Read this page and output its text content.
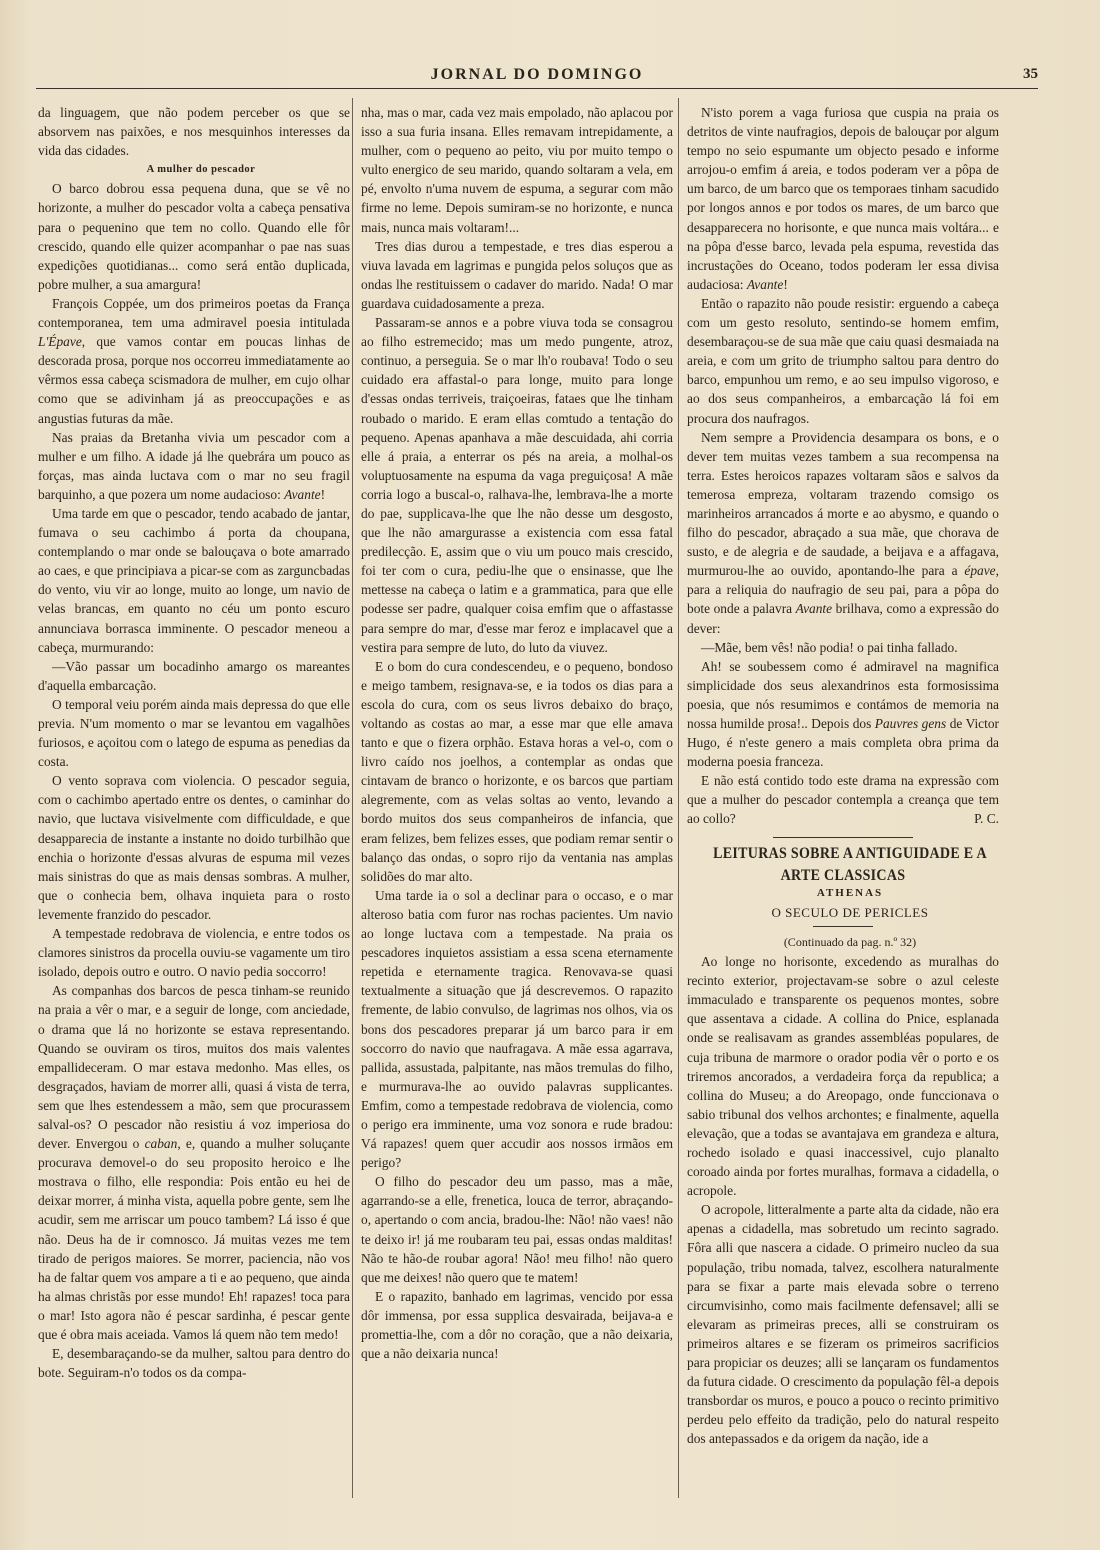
JORNAL DO DOMINGO	35

da linguagem, que não podem perceber os que se absorvem nas paixões, e nos mesquinhos interesses da vida das cidades.

A mulher do pescador

O barco dobrou essa pequena duna, que se vê no horizonte, a mulher do pescador volta a cabeça pensativa para o pequenino que tem no collo. Quando elle fôr crescido, quando elle quizer acompanhar o pae nas suas expedições quotidianas... como será então duplicada, pobre mulher, a sua amargura!

François Coppée, um dos primeiros poetas da França contemporanea, tem uma admiravel poesia intitulada L'Épave, que vamos contar em poucas linhas de descorada prosa, porque nos occorreu immediatamente ao vêrmos essa cabeça scismadora de mulher, em cujo olhar como que se adivinham já as preoccupações e as angustias futuras da mãe.

Nas praias da Bretanha vivia um pescador com a mulher e um filho. A idade já lhe quebrára um pouco as forças, mas ainda luctava com o mar no seu fragil barquinho, a que pozera um nome audacioso: Avante!

Uma tarde em que o pescador, tendo acabado de jantar, fumava o seu cachimbo á porta da choupana, contemplando o mar onde se balouçava o bote amarrado ao caes, e que principiava a picar-se com as zarguncbadas do vento, viu vir ao longe, muito ao longe, um navio de velas brancas, em quanto no céu um ponto escuro annunciava borrasca imminente. O pescador meneou a cabeça, murmurando:

—Vão passar um bocadinho amargo os mareantes d'aquella embarcação.

O temporal veiu porém ainda mais depressa do que elle previa. N'um momento o mar se levantou em vagalhões furiosos, e açoitou com o latego de espuma as penedias da costa.

O vento soprava com violencia. O pescador seguia, com o cachimbo apertado entre os dentes, o caminhar do navio, que luctava visivelmente com difficuldade, e que desapparecia de instante a instante no doido turbilhão que enchia o horizonte d'essas alvuras de espuma mil vezes mais sinistras do que as mais densas sombras. A mulher, que o conhecia bem, olhava inquieta para o rosto levemente franzido do pescador.

A tempestade redobrava de violencia, e entre todos os clamores sinistros da procella ouviu-se vagamente um tiro isolado, depois outro e outro. O navio pedia soccorro!

As companhas dos barcos de pesca tinham-se reunido na praia a vêr o mar, e a seguir de longe, com anciedade, o drama que lá no horizonte se estava representando. Quando se ouviram os tiros, muitos dos mais valentes empallideceram. O mar estava medonho. Mas elles, os desgraçados, haviam de morrer alli, quasi á vista de terra, sem que lhes estendessem a mão, sem que procurassem salval-os? O pescador não resistiu á voz imperiosa do dever. Envergou o caban, e, quando a mulher soluçante procurava demovel-o do seu proposito heroico e lhe mostrava o filho, elle respondia: Pois então eu hei de deixar morrer, á minha vista, aquella pobre gente, sem lhe acudir, sem me arriscar um pouco tambem? Lá isso é que não. Deus ha de ir comnosco. Já muitas vezes me tem tirado de perigos maiores. Se morrer, paciencia, não vos ha de faltar quem vos ampare a ti e ao pequeno, que ainda ha almas christãs por esse mundo! Eh! rapazes! toca para o mar! Isto agora não é pescar sardinha, é pescar gente que é obra mais aceiada. Vamos lá quem não tem medo!

E, desembaraçando-se da mulher, saltou para dentro do bote. Seguiram-n'o todos os da compa-

nha, mas o mar, cada vez mais empolado, não aplacou por isso a sua furia insana. Elles remavam intrepidamente, a mulher, com o pequeno ao peito, viu por muito tempo o vulto energico de seu marido, quando soltaram a vela, em pé, envolto n'uma nuvem de espuma, a segurar com mão firme no leme. Depois sumiram-se no horizonte, e nunca mais, nunca mais voltaram!...

Tres dias durou a tempestade, e tres dias esperou a viuva lavada em lagrimas e pungida pelos soluços que as ondas lhe restituissem o cadaver do marido. Nada! O mar guardava cuidadosamente a preza.

Passaram-se annos e a pobre viuva toda se consagrou ao filho estremecido; mas um medo pungente, atroz, continuo, a perseguia. Se o mar lh'o roubava! Todo o seu cuidado era affastal-o para longe, muito para longe d'essas ondas terriveis, traiçoeiras, fataes que lhe tinham roubado o marido. E eram ellas comtudo a tentação do pequeno. Apenas apanhava a mãe descuidada, ahi corria elle á praia, a enterrar os pés na areia, a molhal-os voluptuosamente na espuma da vaga preguiçosa! A mãe corria logo a buscal-o, ralhava-lhe, lembrava-lhe a morte do pae, supplicava-lhe que lhe não desse um desgosto, que lhe não amargurasse a existencia com essa fatal predilecção. E, assim que o viu um pouco mais crescido, foi ter com o cura, pediu-lhe que o ensinasse, que lhe mettesse na cabeça o latim e a grammatica, para que elle podesse ser padre, qualquer coisa emfim que o affastasse para sempre do mar, d'esse mar feroz e implacavel que a vestira para sempre de luto, do luto da viuvez.

E o bom do cura condescendeu, e o pequeno, bondoso e meigo tambem, resignava-se, e ia todos os dias para a escola do cura, com os seus livros debaixo do braço, voltando as costas ao mar, a esse mar que elle amava tanto e que o fizera orphão. Estava horas a vel-o, com o livro caído nos joelhos, a contemplar as ondas que cintavam de branco o horizonte, e os barcos que partiam alegremente, com as velas soltas ao vento, levando a bordo muitos dos seus companheiros de infancia, que eram felizes, bem felizes esses, que podiam remar sentir o balanço das ondas, o sopro rijo da ventania nas amplas solidões do mar alto.

Uma tarde ia o sol a declinar para o occaso, e o mar alteroso batia com furor nas rochas pacientes. Um navio ao longe luctava com a tempestade. Na praia os pescadores inquietos assistiam a essa scena eternamente repetida e eternamente tragica. Renovava-se quasi textualmente a situação que já descrevemos. O rapazito fremente, de labio convulso, de lagrimas nos olhos, via os bons dos pescadores preparar já um barco para ir em soccorro do navio que naufragava. A mãe essa agarrava, pallida, assustada, palpitante, nas mãos tremulas do filho, e murmurava-lhe ao ouvido palavras supplicantes. Emfim, como a tempestade redobrava de violencia, como o perigo era imminente, uma voz sonora e rude bradou: Vá rapazes! quem quer accudir aos nossos irmãos em perigo?

O filho do pescador deu um passo, mas a mãe, agarrando-se a elle, frenetica, louca de terror, abraçando-o, apertando o com ancia, bradou-lhe: Não! não vaes! não te deixo ir! já me roubaram teu pai, essas ondas malditas! Não te hão-de roubar agora! Não! meu filho! não quero que me deixes! não quero que te matem!

E o rapazito, banhado em lagrimas, vencido por essa dôr immensa, por essa supplica desvairada, beijava-a e promettia-lhe, com a dôr no coração, que a não deixaria, que a não deixaria nunca!

N'isto porem a vaga furiosa que cuspia na praia os detritos de vinte naufragios, depois de balouçar por algum tempo no seio espumante um objecto pesado e informe arrojou-o emfim á areia, e todos poderam ver a pôpa de um barco, de um barco que os temporaes tinham sacudido por longos annos e por todos os mares, de um barco que desapparecera no horisonte, e que nunca mais voltára... e na pôpa d'esse barco, levada pela espuma, revestida das incrustações do Oceano, todos poderam ler essa divisa audaciosa: Avante!

Então o rapazito não poude resistir: erguendo a cabeça com um gesto resoluto, sentindo-se homem emfim, desembaraçou-se de sua mãe que caiu quasi desmaiada na areia, e com um grito de triumpho saltou para dentro do barco, empunhou um remo, e ao seu impulso vigoroso, e ao dos seus companheiros, a embarcação lá foi em procura dos naufragos.

Nem sempre a Providencia desampara os bons, e o dever tem muitas vezes tambem a sua recompensa na terra. Estes heroicos rapazes voltaram sãos e salvos da temerosa empreza, voltaram trazendo comsigo os marinheiros arrancados á morte e ao abysmo, e quando o filho do pescador, abraçado a sua mãe, que chorava de susto, e de alegria e de saudade, a beijava e a affagava, murmurou-lhe ao ouvido, apontando-lhe para a épave, para a reliquia do naufragio de seu pai, para a pôpa do bote onde a palavra Avante brilhava, como a expressão do dever:

—Mãe, bem vês! não podia! o pai tinha fallado.

Ah! se soubessem como é admiravel na magnifica simplicidade dos seus alexandrinos esta formosissima poesia, que nós resumimos e contámos de memoria na nossa humilde prosa!.. Depois dos Pauvres gens de Victor Hugo, é n'este genero a mais completa obra prima da moderna poesia franceza.

E não está contido todo este drama na expressão com que a mulher do pescador contempla a creança que tem ao collo?	P. C.

LEITURAS SOBRE A ANTIGUIDADE E A ARTE CLASSICAS

ATHENAS

O SECULO DE PERICLES

(Continuado da pag. n.º 32)

Ao longe no horisonte, excedendo as muralhas do recinto exterior, projectavam-se sobre o azul celeste immaculado e transparente os pequenos montes, sobre que assentava a cidade. A collina do Pnice, esplanada onde se realisavam as grandes assembléas populares, de cuja tribuna de marmore o orador podia vêr o porto e os triremos ancorados, a verdadeira força da republica; a collina do Museu; a do Areopago, onde funccionava o sabio tribunal dos velhos archontes; e finalmente, aquella elevação, que a todas se avantajava em grandeza e altura, rochedo isolado e quasi inaccessivel, cujo planalto coroado ainda por fortes muralhas, formava a cidadella, o acropole.

O acropole, litteralmente a parte alta da cidade, não era apenas a cidadella, mas sobretudo um recinto sagrado. Fôra alli que nascera a cidade. O primeiro nucleo da sua população, tribu nomada, talvez, escolhera naturalmente para se fixar a parte mais elevada sobre o terreno circumvisinho, como mais facilmente defensavel; alli se elevaram as primeiras preces, alli se construiram os primeiros altares e se fizeram os primeiros sacrificios para propiciar os deuzes; alli se lançaram os fundamentos da futura cidade. O crescimento da população fêl-a depois transbordar os muros, e pouco a pouco o recinto primitivo perdeu pelo effeito da tradição, pelo do natural respeito dos antepassados e da origem da nação, ide a
